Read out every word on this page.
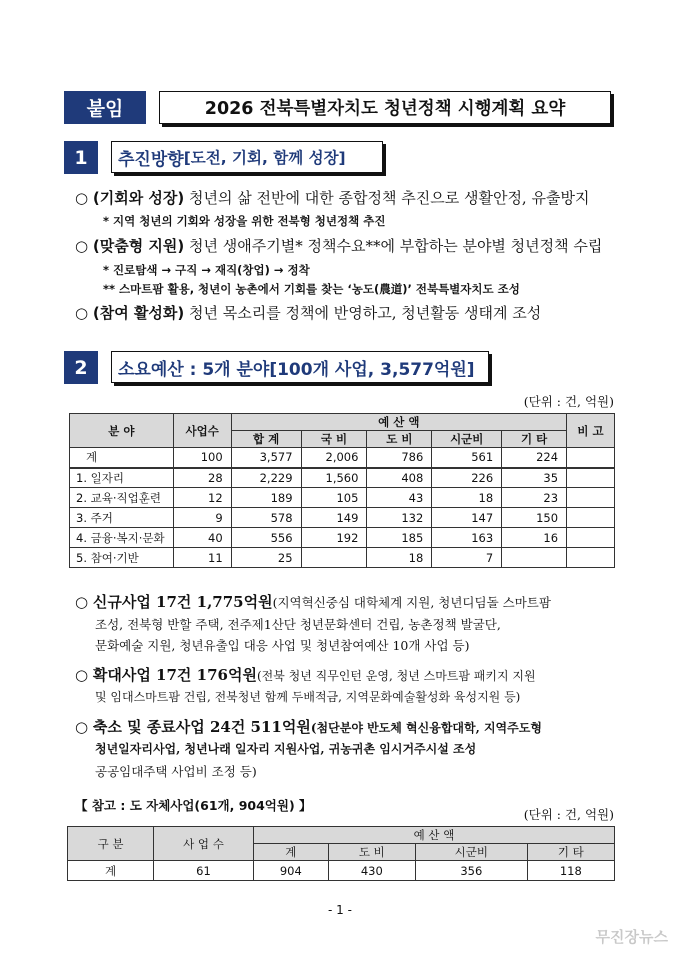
붙임	2026 전북특별자치도 청년정책 시행계획 요약
1	추진방향 [도전, 기회, 함께 성장]
○ (기회와 성장) 청년의 삶 전반에 대한 종합정책 추진으로 생활안정, 유출방지
* 지역 청년의 기회와 성장을 위한 전북형 청년정책 추진
○ (맞춤형 지원) 청년 생애주기별* 정책수요**에 부합하는 분야별 청년정책 수립
* 진로탐색 → 구직 → 재직(창업) → 정착
** 스마트팜 활용, 청년이 농촌에서 기회를 찾는 ‘농도(農道)’ 전북특별자치도 조성
○ (참여 활성화) 청년 목소리를 정책에 반영하고, 청년활동 생태계 조성
2	소요예산 : 5개 분야[100개 사업, 3,577억원]
(단위 : 건, 억원)
분 야	사업수	예 산 액					비 고
		합 계	국 비	도 비	시군비	기 타	
계	100	3,577	2,006	786	561	224	
1. 일자리	28	2,229	1,560	408	226	35	
2. 교육·직업훈련	12	189	105	43	18	23	
3. 주거	9	578	149	132	147	150	
4. 금융·복지·문화	40	556	192	185	163	16	
5. 참여·기반	11	25		18	7		
○ 신규사업 17건 1,775억원(지역혁신중심 대학체계 지원, 청년디딤돌 스마트팜
조성, 전북형 반할 주택, 전주제1산단 청년문화센터 건립, 농촌정책 발굴단,
문화예술 지원, 청년유출입 대응 사업 및 청년참여예산 10개 사업 등)
○ 확대사업 17건 176억원(전북 청년 직무인턴 운영, 청년 스마트팜 패키지 지원
및 임대스마트팜 건립, 전북청년 함께 두배적금, 지역문화예술활성화 육성지원 등)
○ 축소 및 종료사업 24건 511억원(첨단분야 반도체 혁신융합대학, 지역주도형
청년일자리사업, 청년나래 일자리 지원사업, 귀농귀촌 임시거주시설 조성
공공임대주택 사업비 조정 등)
【 참고 : 도 자체사업(61개, 904억원) 】
(단위 : 건, 억원)
구 분	사 업 수	예 산 액			
		계	도 비	시군비	기 타
계	61	904	430	356	118
- 1 -
무진장뉴스
